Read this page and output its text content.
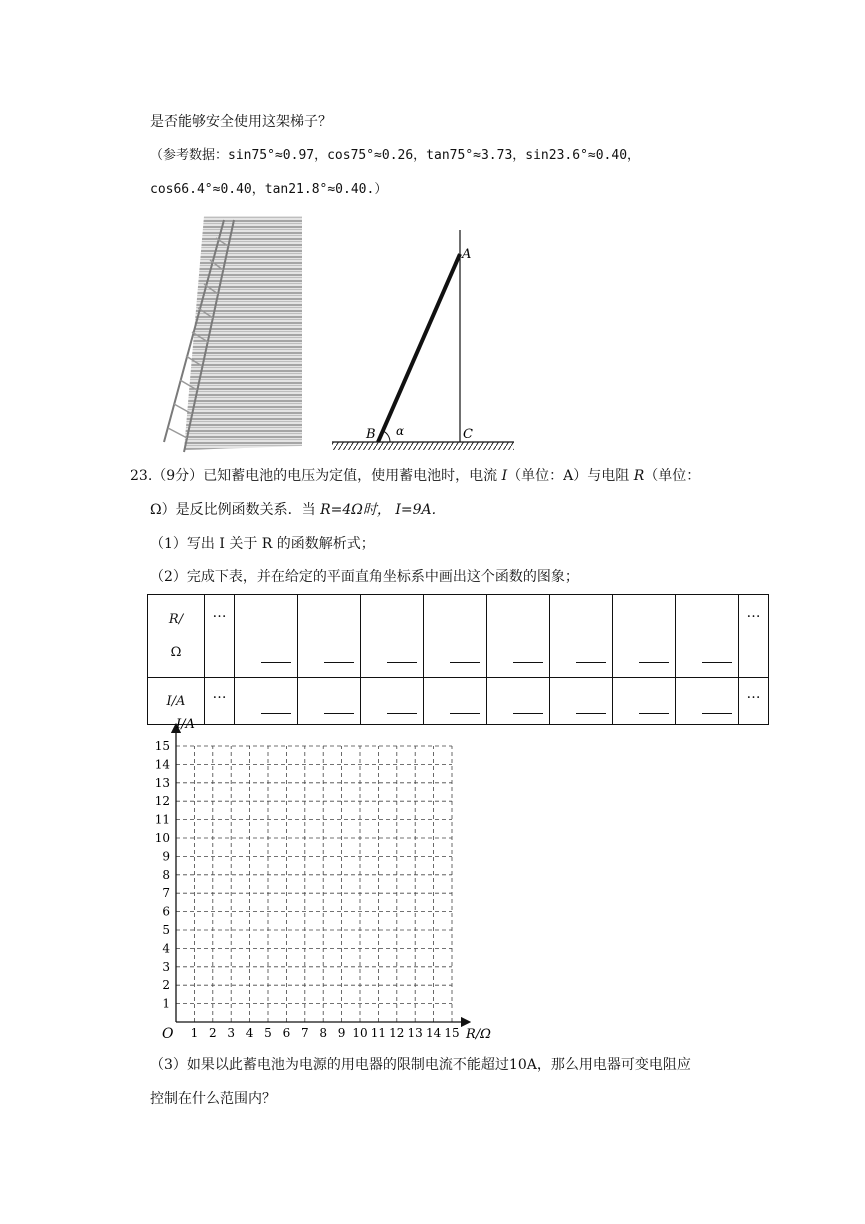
是否能够安全使用这架梯子？
（参考数据：sin75°≈0.97，cos75°≈0.26，tan75°≈3.73，sin23.6°≈0.40，
cos66.4°≈0.40，tan21.8°≈0.40.）
A
B	C
α
23.（9分）已知蓄电池的电压为定值，使用蓄电池时，电流 I（单位：A）与电阻 R（单位：
Ω）是反比例函数关系．当 R=4Ω时， I=9A.
（1）写出 I 关于 R 的函数解析式；
（2）完成下表，并在给定的平面直角坐标系中画出这个函数的图象；
R/
Ω	…									…
I/A	…									…
I/A
R/Ω
O 1 2 3 4 5 6 7 8 9 10 11 12 13 14 15
1
2
3
4
5
6
7
8
9
10
11
12
13
14
15
（3）如果以此蓄电池为电源的用电器的限制电流不能超过10A，那么用电器可变电阻应
控制在什么范围内？
